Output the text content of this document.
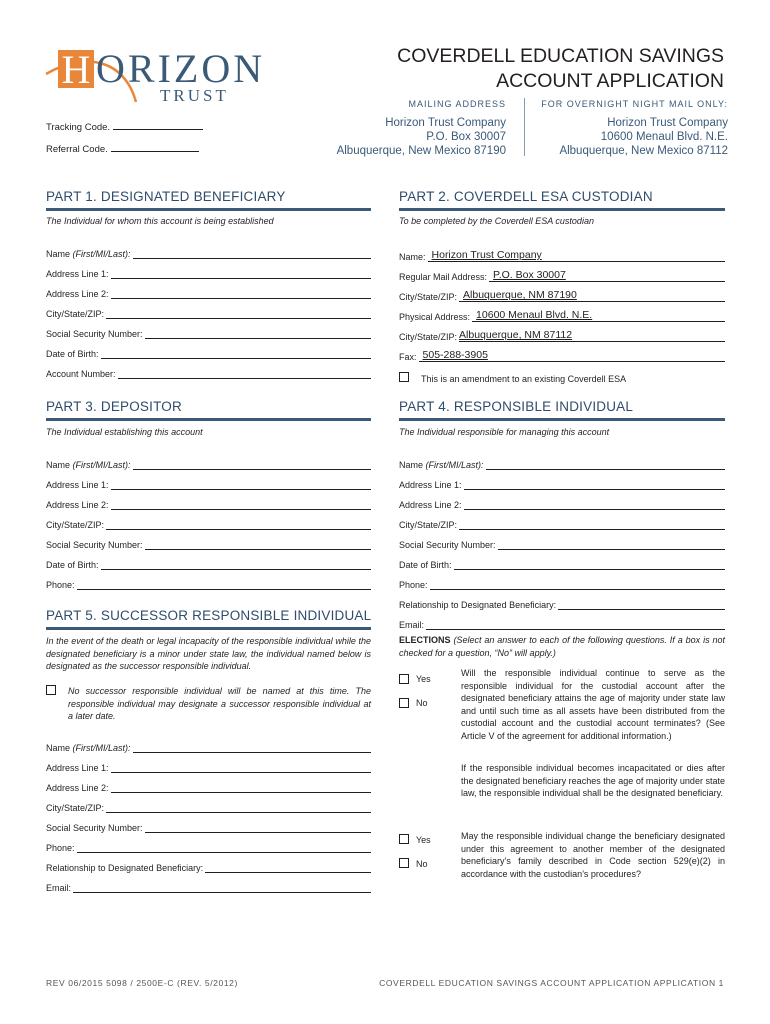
H ORIZON
TRUST
COVERDELL EDUCATION SAVINGS
ACCOUNT APPLICATION
MAILING ADDRESS
Horizon Trust Company
P.O. Box 30007
Albuquerque, New Mexico 87190
FOR OVERNIGHT NIGHT MAIL ONLY:
Horizon Trust Company
10600 Menaul Blvd. N.E.
Albuquerque, New Mexico 87112
Tracking Code.
Referral Code.
PART 1. DESIGNATED BENEFICIARY
The Individual for whom this account is being established
Name (First/MI/Last):
Address Line 1:
Address Line 2:
City/State/ZIP:
Social Security Number:
Date of Birth:
Account Number:
PART 2. COVERDELL ESA CUSTODIAN
To be completed by the Coverdell ESA custodian
Name: Horizon Trust Company
Regular Mail Address: P.O. Box 30007
City/State/ZIP: Albuquerque, NM 87190
Physical Address: 10600 Menaul Blvd. N.E.
City/State/ZIP: Albuquerque, NM 87112
Fax: 505-288-3905
This is an amendment to an existing Coverdell ESA
PART 3. DEPOSITOR
The Individual establishing this account
Name (First/MI/Last):
Address Line 1:
Address Line 2:
City/State/ZIP:
Social Security Number:
Date of Birth:
Phone:
PART 4. RESPONSIBLE INDIVIDUAL
The Individual responsible for managing this account
Name (First/MI/Last):
Address Line 1:
Address Line 2:
City/State/ZIP:
Social Security Number:
Date of Birth:
Phone:
Relationship to Designated Beneficiary:
Email:
PART 5. SUCCESSOR RESPONSIBLE INDIVIDUAL
In the event of the death or legal incapacity of the responsible individual while the designated beneficiary is a minor under state law, the individual named below is designated as the successor responsible individual.
No successor responsible individual will be named at this time. The responsible individual may designate a successor responsible individual at a later date.
Name (First/MI/Last):
Address Line 1:
Address Line 2:
City/State/ZIP:
Social Security Number:
Phone:
Relationship to Designated Beneficiary:
Email:
ELECTIONS (Select an answer to each of the following questions. If a box is not checked for a question, “No” will apply.)
Yes
No
Will the responsible individual continue to serve as the responsible individual for the custodial account after the designated beneficiary attains the age of majority under state law and until such time as all assets have been distributed from the custodial account and the custodial account terminates? (See Article V of the agreement for additional information.)
If the responsible individual becomes incapacitated or dies after the designated beneficiary reaches the age of majority under state law, the responsible individual shall be the designated beneficiary.
Yes
No
May the responsible individual change the beneficiary designated under this agreement to another member of the designated beneficiary’s family described in Code section 529(e)(2) in accordance with the custodian’s procedures?
REV 06/2015 5098 / 2500E-C (REV. 5/2012)	COVERDELL EDUCATION SAVINGS ACCOUNT APPLICATION APPLICATION 1
